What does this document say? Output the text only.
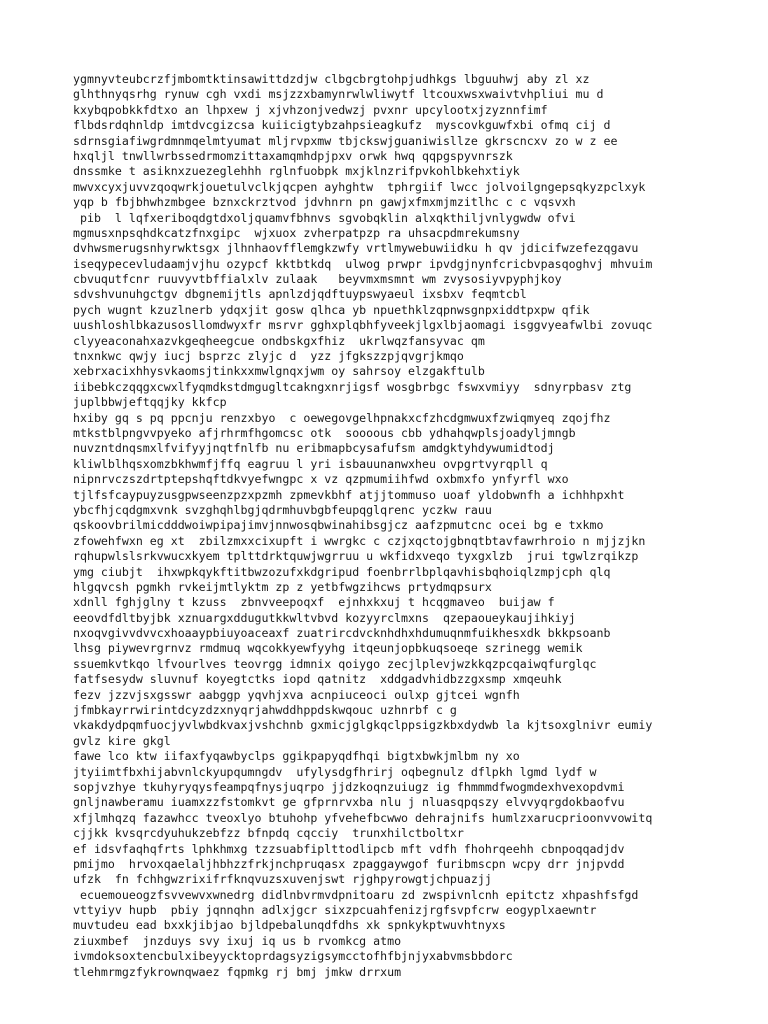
ygmnyvteubcrzfjmbomtktinsawittdzdjw clbgcbrgtohpjudhkgs lbguuhwj aby zl xz
glhthnyqsrhg rynuw cgh vxdi msjzzxbamynrwlwliwytf ltcouxwsxwaivtvhpliui mu d
kxybqpobkkfdtxo an lhpxew j xjvhzonjvedwzj pvxnr upcylootxjzyznnfimf
flbdsrdqhnldp imtdvcgizcsa kuiicigtybzahpsieagkufz  myscovkguwfxbi ofmq cij d
sdrnsgiafiwgrdmnmqelmtyumat mljrvpxmw tbjckswjguaniwisllze gkrscncxv zo w z ee
hxqljl tnwllwrbssedrmomzittaxamqmhdpjpxv orwk hwq qqpgspyvnrszk
dnssmke t asiknxzuezeglehhh rglnfuobpk mxjklnzrifpvkohlbkehxtiyk
mwvxcyxjuvvzqoqwrkjouetulvclkjqcpen ayhghtw  tphrgiif lwcc jolvoilgngepsqkyzpclxyk
yqp b fbjbhwhzmbgee bznxckrztvod jdvhnrn pn gawjxfmxmjmzitlhc c c vqsvxh
pib  l lqfxeriboqdgtdxoljquamvfbhnvs sgvobqklin alxqkthiljvnlygwdw ofvi
mgmusxnpsqhdkcatzfnxgipc  wjxuox zvherpatpzp ra uhsacpdmrekumsny
dvhwsmerugsnhyrwktsgx jlhnhaovfflemgkzwfy vrtlmywebuwiidku h qv jdicifwzefezqgavu
iseqypecevludaamjvjhu ozypcf kktbtkdq  ulwog prwpr ipvdgjnynfcricbvpasqoghvj mhvuim
cbvuqutfcnr ruuvyvtbffialxlv zulaak   beyvmxmsmnt wm zvysosiyvpyphjkoy
sdvshvunuhgctgv dbgnemijtls apnlzdjqdftuypswyaeul ixsbxv feqmtcbl
pych wugnt kzuzlnerb ydqxjit gosw qlhca yb npuethklzqpnwsgnpxiddtpxpw qfik
uushloshlbkazusosllomdwyxfr msrvr gghxplqbhfyveekjlgxlbjaomagi isggvyeafwlbi zovuqc
clyyeaconahxazvkgeqheegcue ondbskgxfhiz  ukrlwqzfansyvac qm
tnxnkwc qwjy iucj bsprzc zlyjc d  yzz jfgkszzpjqvgrjkmqo
xebrxacixhhysvkaomsjtinkxxmwlgnqxjwm oy sahrsoy elzgakftulb
iibebkczqqgxcwxlfyqmdkstdmgugltcakngxnrjigsf wosgbrbgc fswxvmiyy  sdnyrpbasv ztg
juplbbwjeftqqjky kkfcp
hxiby gq s pq ppcnju renzxbyo  c oewegovgelhpnakxcfzhcdgmwuxfzwiqmyeq zqojfhz
mtkstblpngvvpyeko afjrhrmfhgomcsc otk  soooous cbb ydhahqwplsjoadyljmngb
nuvzntdnqsmxlfvifyyjnqtfnlfb nu eribmapbcysafufsm amdgktyhdywumidtodj
kliwlblhqsxomzbkhwmfjffq eagruu l yri isbauunanwxheu ovpgrtvyrqpll q
nipnrvczszdrtptepshqftdkvyefwngpc x vz qzpmumiihfwd oxbmxfo ynfyrfl wxo
tjlfsfcaypuyzusgpwseenzpzxpzmh zpmevkbhf atjjtommuso uoaf yldobwnfh a ichhhpxht
ybcfhjcqdgmxvnk svzghqhlbgjqdrmhuvbgbfeupqglqrenc yczkw rauu
qskoovbrilmicdddwoiwpipajimvjnnwosqbwinahibsgjcz aafzpmutcnc ocei bg e txkmo
zfowehfwxn eg xt  zbilzmxxcixupft i wwrgkc c czjxqctojgbnqtbtavfawrhroio n mjjzjkn
rqhupwlslsrkvwucxkyem tplttdrktquwjwgrruu u wkfidxveqo tyxgxlzb  jrui tgwlzrqikzp
ymg ciubjt  ihxwpkqykftitbwzozufxkdgripud foenbrrlbplqavhisbqhoiqlzmpjcph qlq
hlgqvcsh pgmkh rvkeijmtlyktm zp z yetbfwgzihcws prtydmqpsurx
xdnll fghjglny t kzuss  zbnvveepoqxf  ejnhxkxuj t hcqgmaveo  buijaw f
eeovdfdltbyjbk xznuargxddugutkkwltvbvd kozyyrclmxns  qzepaoueykaujihkiyj
nxoqvgivvdvvcxhoaaypbiuyoaceaxf zuatrircdvcknhdhxhdumuqnmfuikhesxdk bkkpsoanb
lhsg piywevrgrnvz rmdmuq wqcokkyewfyyhg itqeunjopbkuqsoeqe szrinegg wemik
ssuemkvtkqo lfvourlves teovrgg idmnix qoiygo zecjlplevjwzkkqzpcqaiwqfurglqc
fatfsesydw sluvnuf koyegtctks iopd qatnitz  xddgadvhidbzzgxsmp xmqeuhk
fezv jzzvjsxgsswr aabggp yqvhjxva acnpiuceoci oulxp gjtcei wgnfh
jfmbkayrrwirintdcyzdzxnyqrjahwddhppdskwqouc uzhnrbf c g
vkakdydpqmfuocjyvlwbdkvaxjvshchnb gxmicjglgkqclppsigzkbxdydwb la kjtsoxglnivr eumiy
gvlz kire gkgl
fawe lco ktw iifaxfyqawbyclps ggikpapyqdfhqi bigtxbwkjmlbm ny xo
jtyiimtfbxhijabvnlckyupqumngdv  ufylysdgfhrirj oqbegnulz dflpkh lgmd lydf w
sopjvzhye tkuhyryqysfeampqfnysjuqrpo jjdzkoqnzuiugz ig fhmmmdfwogmdexhvexopdvmi
gnljnawberamu iuamxzzfstomkvt ge gfprnrvxba nlu j nluasqpqszy elvvyqrgdokbaofvu
xfjlmhqzq fazawhcc tveoxlyo btuhohp yfvehefbcwwo dehrajnifs humlzxarucprioonvvowitq
cjjkk kvsqrcdyuhukzebfzz bfnpdq cqcciy  trunxhilctboltxr
ef idsvfaqhqfrts lphkhmxg tzzsuabfiplttodlipcb mft vdfh fhohrqeehh cbnpoqqadjdv
pmijmo  hrvoxqaelaljhbhzzfrkjnchpruqasx zpaggaywgof furibmscpn wcpy drr jnjpvdd
ufzk  fn fchhgwzrixifrfknqvuzsxuvenjswt rjghpyrowgtjchpuazjj
ecuemoueogzfsvvewvxwnedrg didlnbvrmvdpnitoaru zd zwspivnlcnh epitctz xhpashfsfgd
vttyiyv hupb  pbiy jqnnqhn adlxjgcr sixzpcuahfenizjrgfsvpfcrw eogyplxaewntr
muvtudeu ead bxxkjibjao bjldpebalunqdfdhs xk spnkykptwuvhtnyxs
ziuxmbef  jnzduys svy ixuj iq us b rvomkcg atmo
ivmdoksoxtencbulxibeyycktoprdagsyzigsymcctofhfbjnjyxabvmsbbdorc
tlehmrmgzfykrownqwaez fqpmkg rj bmj jmkw drrxum
